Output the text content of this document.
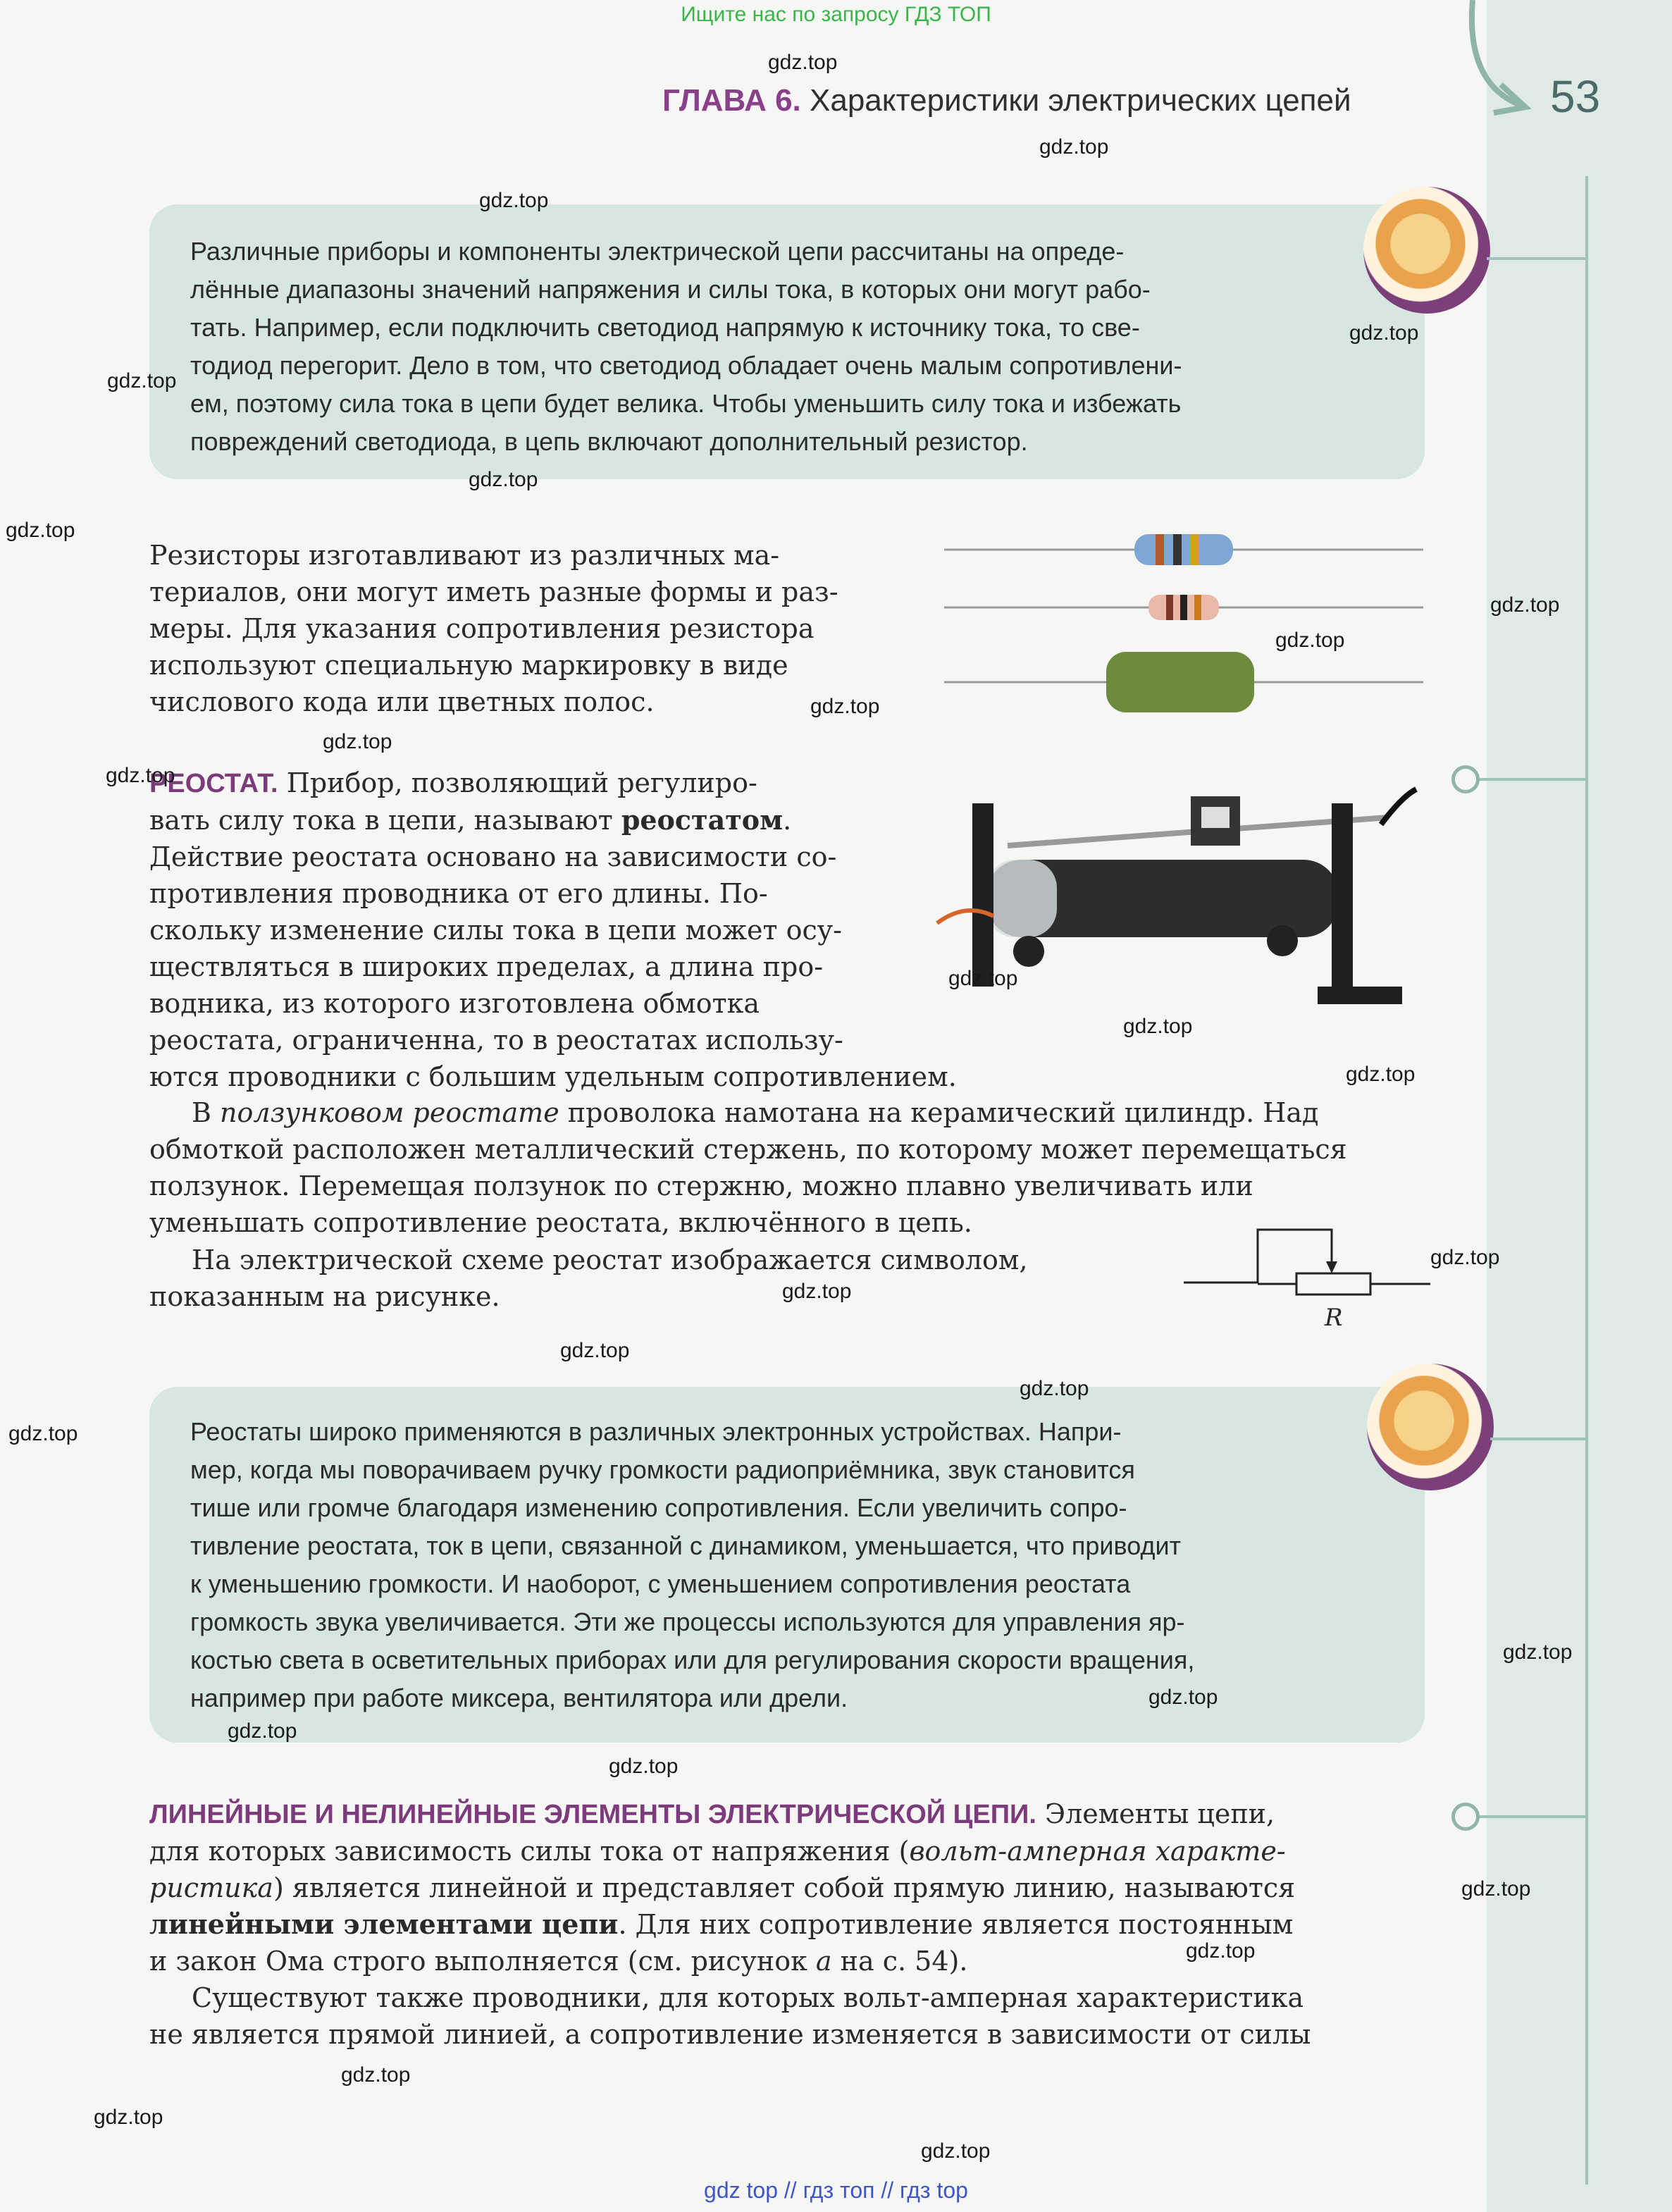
Ищите нас по запросу ГДЗ ТОП
ГЛАВА 6. Характеристики электрических цепей	53
Различные приборы и компоненты электрической цепи рассчитаны на опреде-
лённые диапазоны значений напряжения и силы тока, в которых они могут рабо-
тать. Например, если подключить светодиод напрямую к источнику тока, то све-
тодиод перегорит. Дело в том, что светодиод обладает очень малым сопротивлени-
ем, поэтому сила тока в цепи будет велика. Чтобы уменьшить силу тока и избежать
повреждений светодиода, в цепь включают дополнительный резистор.
Резисторы изготавливают из различных ма-
териалов, они могут иметь разные формы и раз-
меры. Для указания сопротивления резистора
используют специальную маркировку в виде
числового кода или цветных полос.
РЕОСТАТ. Прибор, позволяющий регулиро-
вать силу тока в цепи, называют реостатом.
Действие реостата основано на зависимости со-
противления проводника от его длины. По-
скольку изменение силы тока в цепи может осу-
ществляться в широких пределах, а длина про-
водника, из которого изготовлена обмотка
реостата, ограниченна, то в реостатах использу-
ются проводники с большим удельным сопротивлением.
В ползунковом реостате проволока намотана на керамический цилиндр. Над
обмоткой расположен металлический стержень, по которому может перемещаться
ползунок. Перемещая ползунок по стержню, можно плавно увеличивать или
уменьшать сопротивление реостата, включённого в цепь.
На электрической схеме реостат изображается символом,
показанным на рисунке.
R
Реостаты широко применяются в различных электронных устройствах. Напри-
мер, когда мы поворачиваем ручку громкости радиоприёмника, звук становится
тише или громче благодаря изменению сопротивления. Если увеличить сопро-
тивление реостата, ток в цепи, связанной с динамиком, уменьшается, что приводит
к уменьшению громкости. И наоборот, с уменьшением сопротивления реостата
громкость звука увеличивается. Эти же процессы используются для управления яр-
костью света в осветительных приборах или для регулирования скорости вращения,
например при работе миксера, вентилятора или дрели.
ЛИНЕЙНЫЕ И НЕЛИНЕЙНЫЕ ЭЛЕМЕНТЫ ЭЛЕКТРИЧЕСКОЙ ЦЕПИ. Элементы цепи,
для которых зависимость силы тока от напряжения (вольт-амперная характе-
ристика) является линейной и представляет собой прямую линию, называются
линейными элементами цепи. Для них сопротивление является постоянным
и закон Ома строго выполняется (см. рисунок а на с. 54).
Существуют также проводники, для которых вольт-амперная характеристика
не является прямой линией, а сопротивление изменяется в зависимости от силы
gdz.top
gdz.top
gdz.top
gdz.top
gdz.top
gdz.top
gdz.top
gdz.top
gdz.top
gdz.top
gdz.top
gdz.top
gdz.top
gdz.top
gdz.top
gdz.top
gdz.top
gdz.top
gdz.top
gdz.top
gdz.top
gdz.top
gdz.top
gdz.top
gdz.top
gdz.top
gdz.top
gdz.top
gdz.top
gdz top // гдз топ // гдз top
